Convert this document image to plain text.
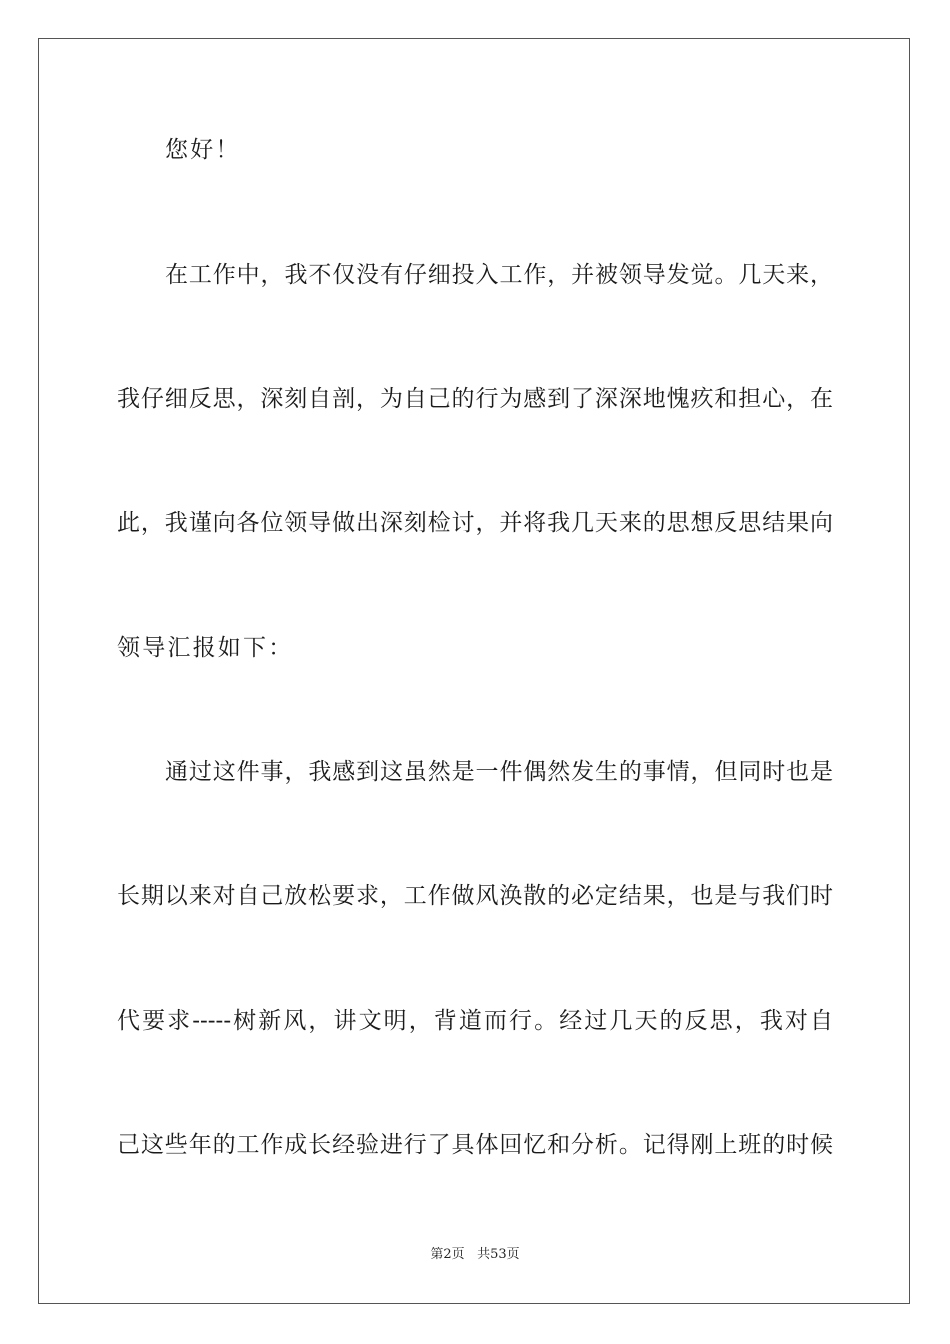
您好！
在工作中，我不仅没有仔细投入工作，并被领导发觉。几天来，
我仔细反思，深刻自剖，为自己的行为感到了深深地愧疚和担心，在
此，我谨向各位领导做出深刻检讨，并将我几天来的思想反思结果向
领导汇报如下：
通过这件事，我感到这虽然是一件偶然发生的事情，但同时也是
长期以来对自己放松要求，工作做风涣散的必定结果，也是与我们时
代要求-----树新风，讲文明，背道而行。经过几天的反思，我对自
己这些年的工作成长经验进行了具体回忆和分析。记得刚上班的时候
第2页 共53页
